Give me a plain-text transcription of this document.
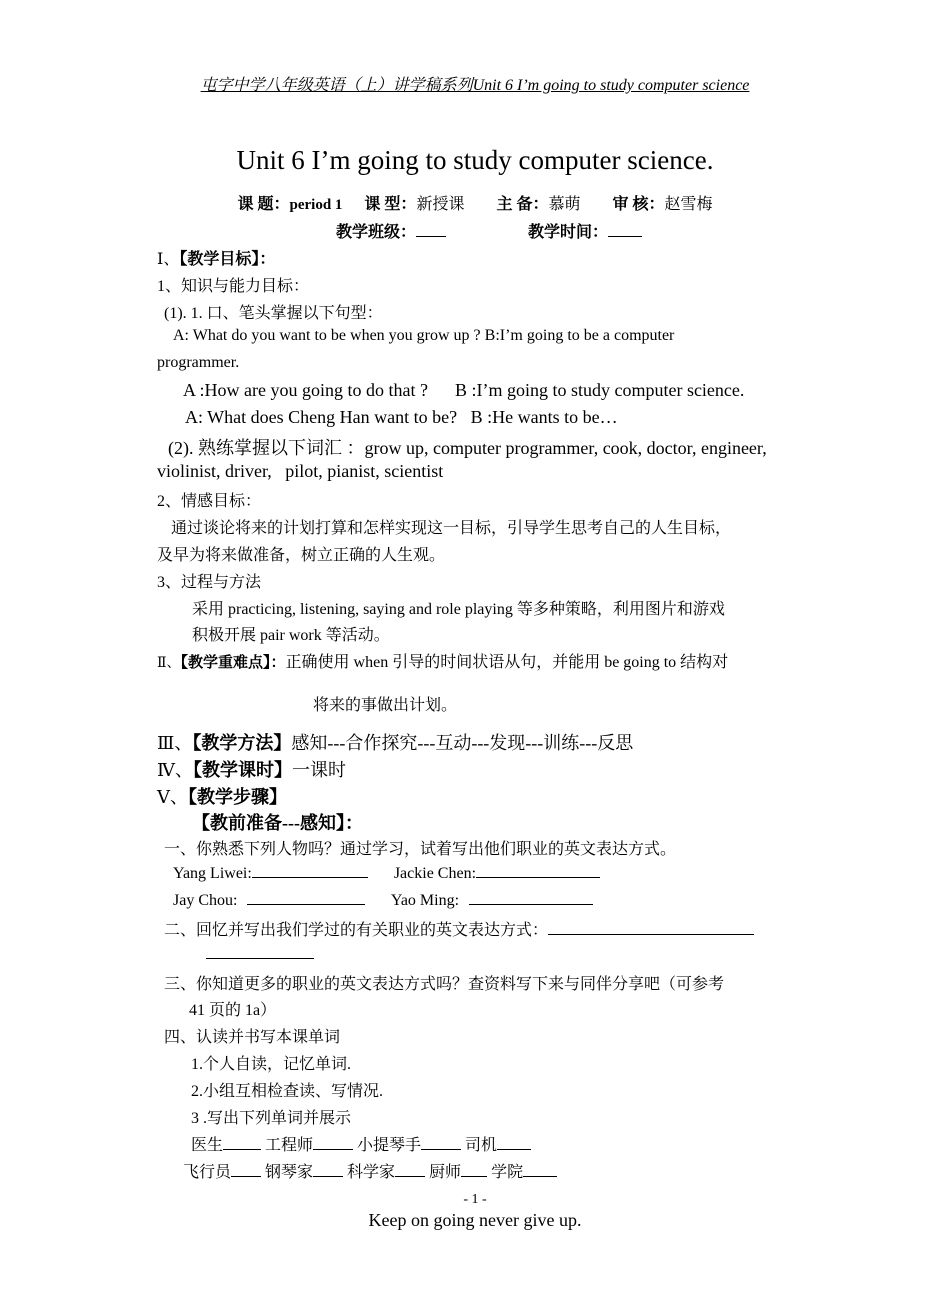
屯字中学八年级英语（上）讲学稿系列Unit 6 I’m going to study computer science
Unit 6 I’m going to study computer science.
课 题：period 1 课 型：新授课 主 备：慕萌 审 核：赵雪梅
教学班级：	教学时间：
Ⅰ、【教学目标】：
1、知识与能力目标：
(1). 1. 口、笔头掌握以下句型：
A: What do you want to be when you grow up ? B:I’m going to be a computer
programmer.
A :How are you going to do that ?      B :I’m going to study computer science.
A: What does Cheng Han want to be?   B :He wants to be…
(2). 熟练掌握以下词汇 ：grow up, computer programmer, cook, doctor, engineer,
violinist, driver,   pilot, pianist, scientist
2、情感目标：
通过谈论将来的计划打算和怎样实现这一目标，引导学生思考自己的人生目标，
及早为将来做准备，树立正确的人生观。
3、过程与方法
采用 practicing, listening, saying and role playing 等多种策略，利用图片和游戏
积极开展 pair work 等活动。
Ⅱ、【教学重难点】：正确使用 when 引导的时间状语从句，并能用 be going to 结构对
将来的事做出计划。
Ⅲ、【教学方法】感知---合作探究---互动---发现---训练---反思
Ⅳ、【教学课时】一课时
Ⅴ、【教学步骤】
【教前准备---感知】：
一、你熟悉下列人物吗？通过学习，试着写出他们职业的英文表达方式。
Yang Liwei:	Jackie Chen:
Jay Chou:	Yao Ming:
二、回忆并写出我们学过的有关职业的英文表达方式：
三、你知道更多的职业的英文表达方式吗？查资料写下来与同伴分享吧（可参考
41 页的 1a）
四、认读并书写本课单词
1.个人自读，记忆单词.
2.小组互相检查读、写情况.
3 .写出下列单词并展示
医生	工程师	小提琴手	司机
飞行员 钢琴家 科学家 厨师 学院
- 1 -
Keep on going never give up.
